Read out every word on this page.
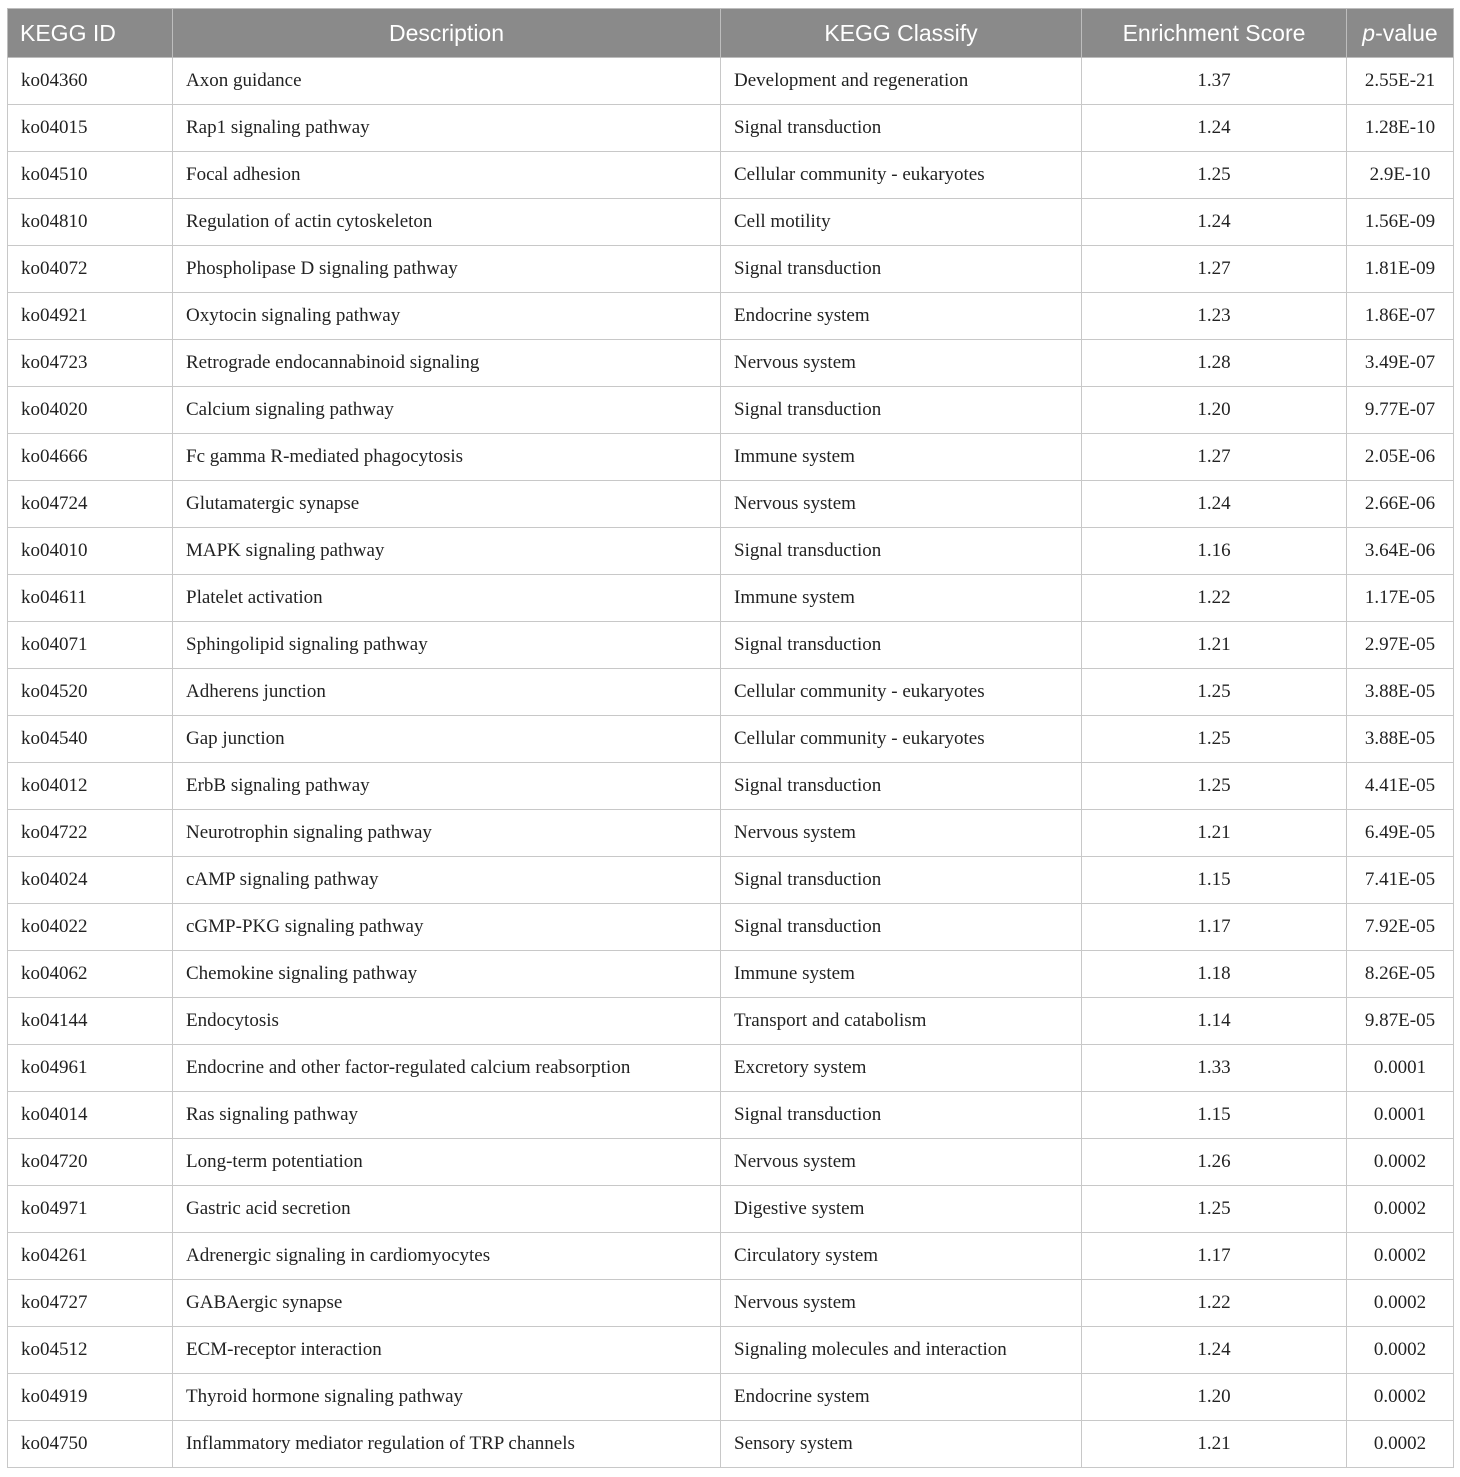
KEGG ID	Description	KEGG Classify	Enrichment Score	p-value
ko04360	Axon guidance	Development and regeneration	1.37	2.55E-21
ko04015	Rap1 signaling pathway	Signal transduction	1.24	1.28E-10
ko04510	Focal adhesion	Cellular community - eukaryotes	1.25	2.9E-10
ko04810	Regulation of actin cytoskeleton	Cell motility	1.24	1.56E-09
ko04072	Phospholipase D signaling pathway	Signal transduction	1.27	1.81E-09
ko04921	Oxytocin signaling pathway	Endocrine system	1.23	1.86E-07
ko04723	Retrograde endocannabinoid signaling	Nervous system	1.28	3.49E-07
ko04020	Calcium signaling pathway	Signal transduction	1.20	9.77E-07
ko04666	Fc gamma R-mediated phagocytosis	Immune system	1.27	2.05E-06
ko04724	Glutamatergic synapse	Nervous system	1.24	2.66E-06
ko04010	MAPK signaling pathway	Signal transduction	1.16	3.64E-06
ko04611	Platelet activation	Immune system	1.22	1.17E-05
ko04071	Sphingolipid signaling pathway	Signal transduction	1.21	2.97E-05
ko04520	Adherens junction	Cellular community - eukaryotes	1.25	3.88E-05
ko04540	Gap junction	Cellular community - eukaryotes	1.25	3.88E-05
ko04012	ErbB signaling pathway	Signal transduction	1.25	4.41E-05
ko04722	Neurotrophin signaling pathway	Nervous system	1.21	6.49E-05
ko04024	cAMP signaling pathway	Signal transduction	1.15	7.41E-05
ko04022	cGMP-PKG signaling pathway	Signal transduction	1.17	7.92E-05
ko04062	Chemokine signaling pathway	Immune system	1.18	8.26E-05
ko04144	Endocytosis	Transport and catabolism	1.14	9.87E-05
ko04961	Endocrine and other factor-regulated calcium reabsorption	Excretory system	1.33	0.0001
ko04014	Ras signaling pathway	Signal transduction	1.15	0.0001
ko04720	Long-term potentiation	Nervous system	1.26	0.0002
ko04971	Gastric acid secretion	Digestive system	1.25	0.0002
ko04261	Adrenergic signaling in cardiomyocytes	Circulatory system	1.17	0.0002
ko04727	GABAergic synapse	Nervous system	1.22	0.0002
ko04512	ECM-receptor interaction	Signaling molecules and interaction	1.24	0.0002
ko04919	Thyroid hormone signaling pathway	Endocrine system	1.20	0.0002
ko04750	Inflammatory mediator regulation of TRP channels	Sensory system	1.21	0.0002
